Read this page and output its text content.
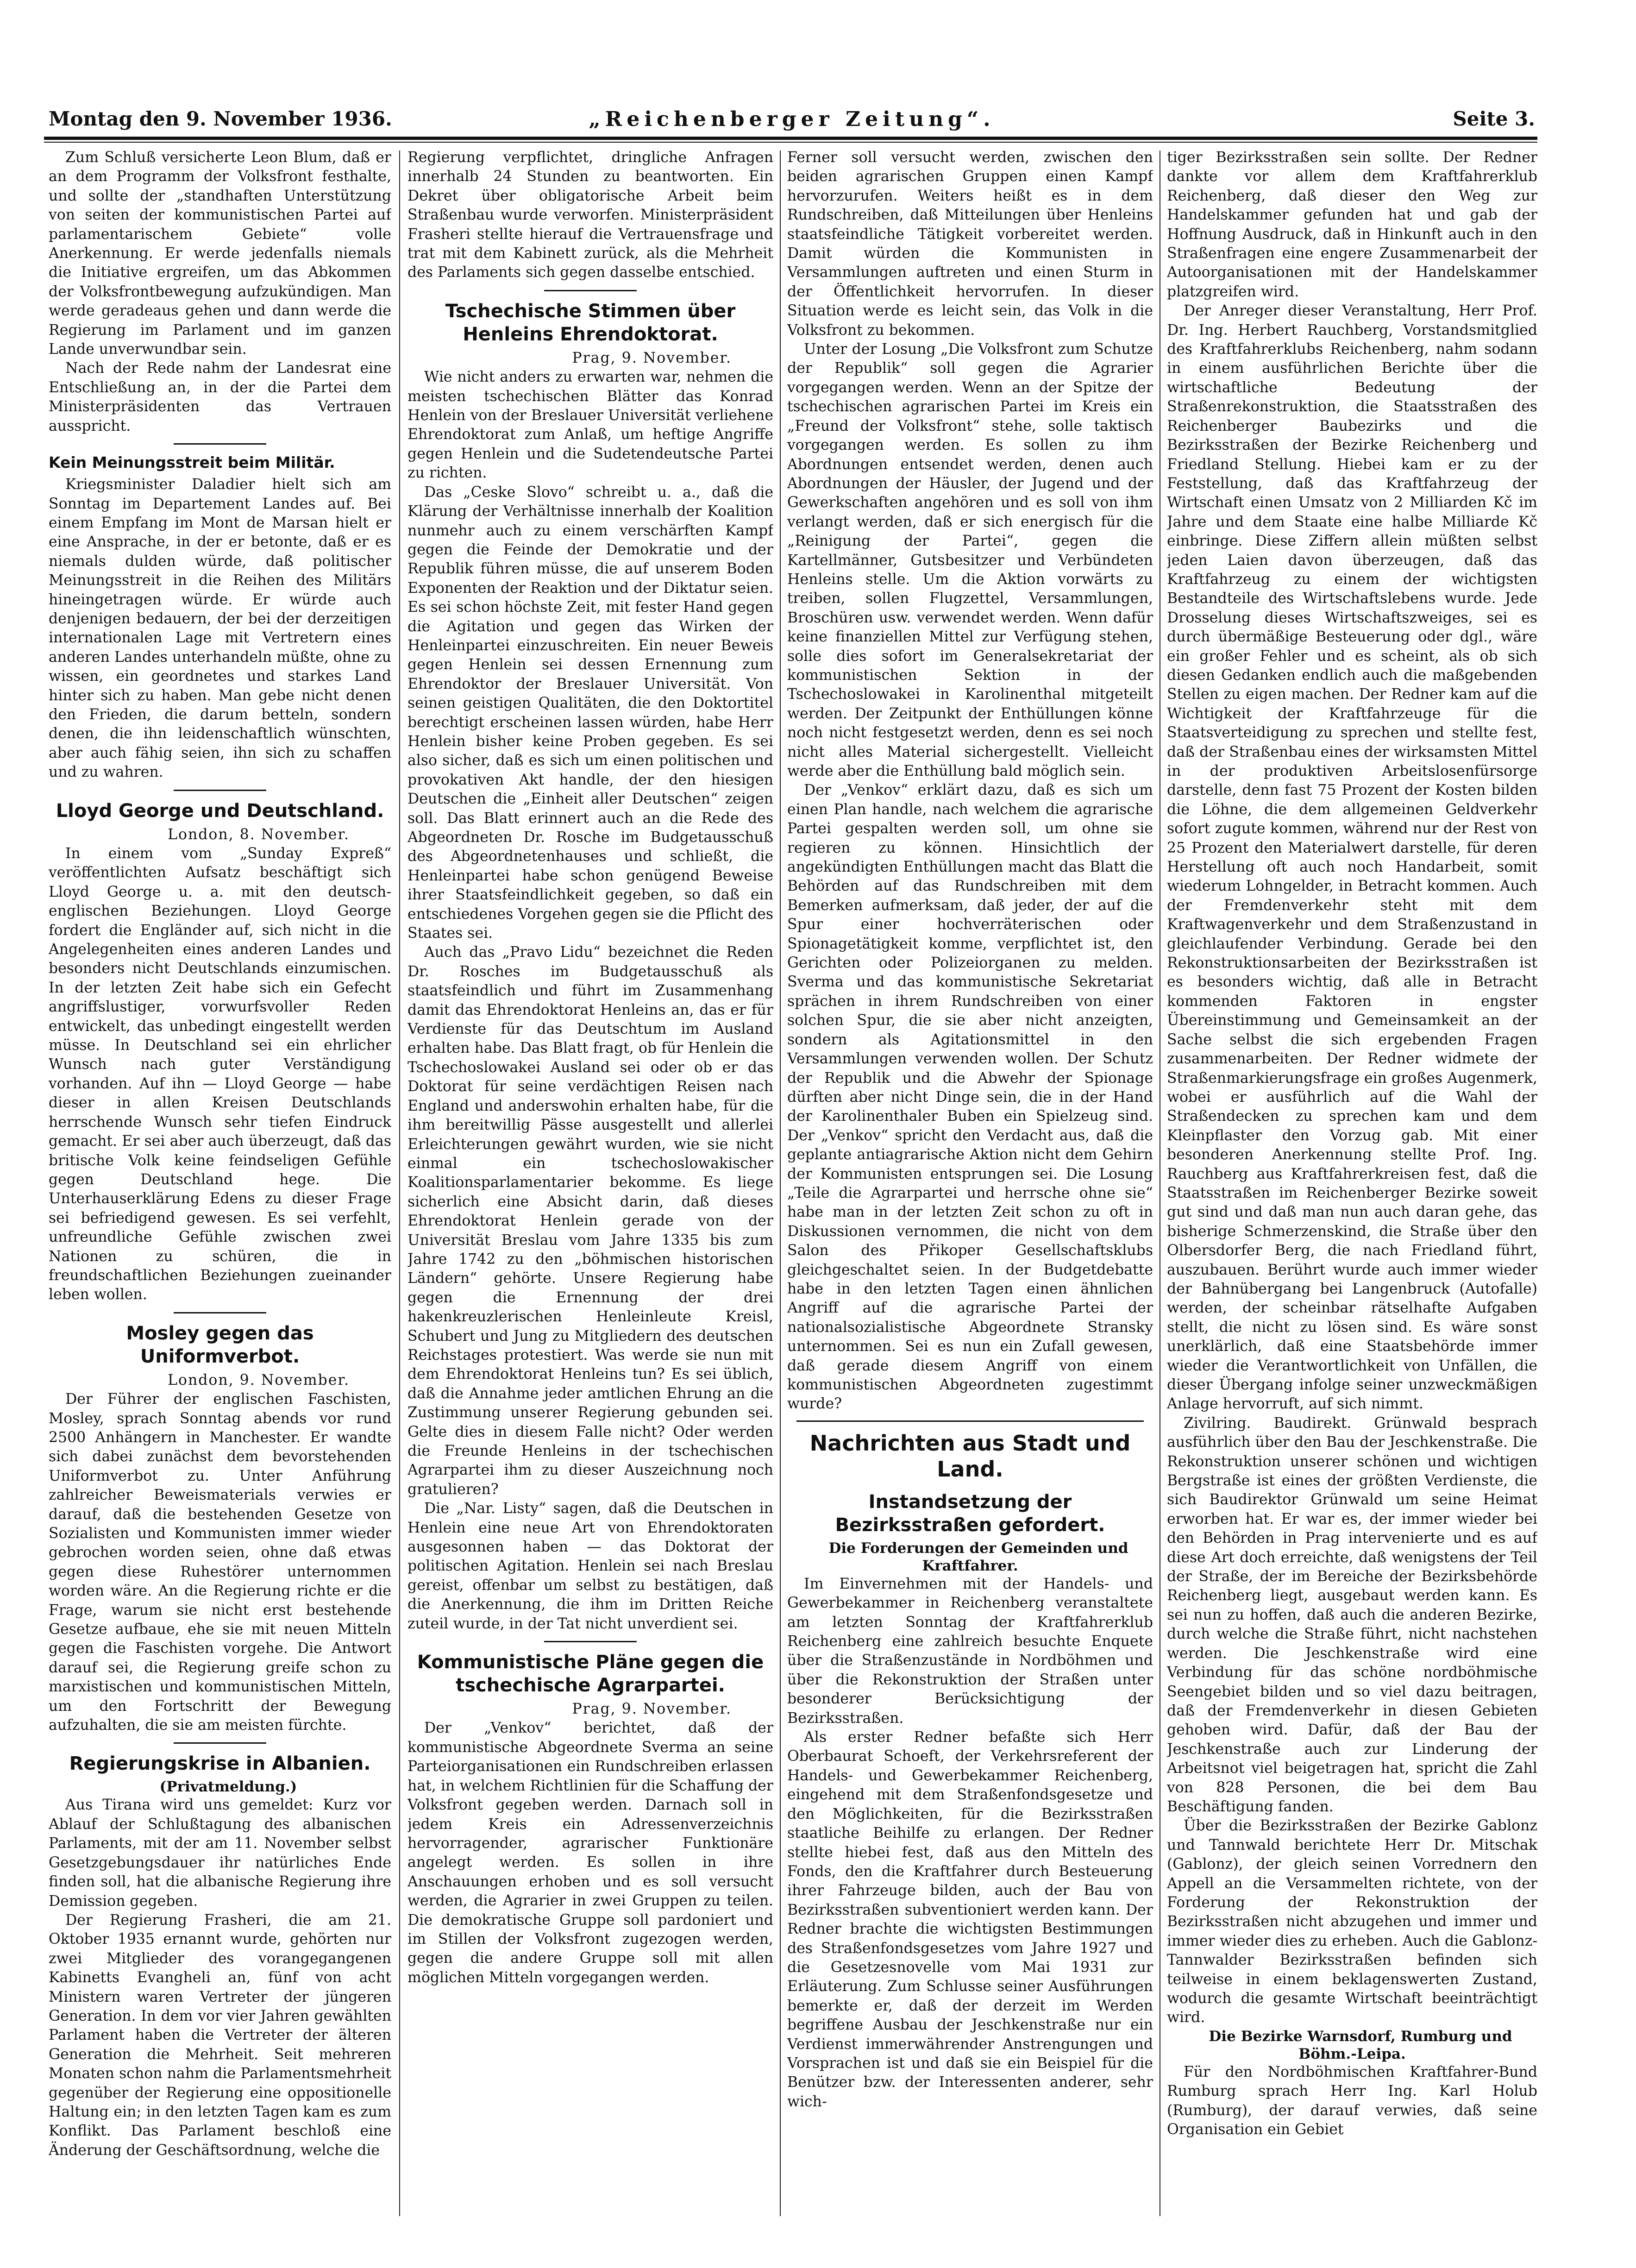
Montag den 9. November 1936.	„Reichenberger Zeitung“.	Seite 3.

Zum Schluß versicherte Leon Blum, daß er an dem Programm der Volksfront festhalte, und sollte der „standhaften Unterstützung von seiten der kommunistischen Partei auf parlamentarischem Gebiete“ volle Anerkennung. Er werde jedenfalls niemals die Initiative ergreifen, um das Abkommen der Volksfrontbewegung aufzukündigen. Man werde geradeaus gehen und dann werde die Regierung im Parlament und im ganzen Lande unverwundbar sein.

Nach der Rede nahm der Landesrat eine Entschließung an, in der die Partei dem Ministerpräsidenten das Vertrauen ausspricht.

Kein Meinungsstreit beim Militär.

Kriegsminister Daladier hielt sich am Sonntag im Departement Landes auf. Bei einem Empfang im Mont de Marsan hielt er eine Ansprache, in der er betonte, daß er es niemals dulden würde, daß politischer Meinungsstreit in die Reihen des Militärs hineingetragen würde. Er würde auch denjenigen bedauern, der bei der derzeitigen internationalen Lage mit Vertretern eines anderen Landes unterhandeln müßte, ohne zu wissen, ein geordnetes und starkes Land hinter sich zu haben. Man gebe nicht denen den Frieden, die darum betteln, sondern denen, die ihn leidenschaftlich wünschten, aber auch fähig seien, ihn sich zu schaffen und zu wahren.

Lloyd George und Deutschland.

London, 8. November.

In einem vom „Sunday Expreß“ veröffentlichten Aufsatz beschäftigt sich Lloyd George u. a. mit den deutsch-englischen Beziehungen. Lloyd George fordert die Engländer auf, sich nicht in die Angelegenheiten eines anderen Landes und besonders nicht Deutschlands einzumischen. In der letzten Zeit habe sich ein Gefecht angriffslustiger, vorwurfsvoller Reden entwickelt, das unbedingt eingestellt werden müsse. In Deutschland sei ein ehrlicher Wunsch nach guter Verständigung vorhanden. Auf ihn — Lloyd George — habe dieser in allen Kreisen Deutschlands herrschende Wunsch sehr tiefen Eindruck gemacht. Er sei aber auch überzeugt, daß das britische Volk keine feindseligen Gefühle gegen Deutschland hege. Die Unterhauserklärung Edens zu dieser Frage sei befriedigend gewesen. Es sei verfehlt, unfreundliche Gefühle zwischen zwei Nationen zu schüren, die in freundschaftlichen Beziehungen zueinander leben wollen.

Mosley gegen das Uniformverbot.

London, 9. November.

Der Führer der englischen Faschisten, Mosley, sprach Sonntag abends vor rund 2500 Anhängern in Manchester. Er wandte sich dabei zunächst dem bevorstehenden Uniformverbot zu. Unter Anführung zahlreicher Beweismaterials verwies er darauf, daß die bestehenden Gesetze von Sozialisten und Kommunisten immer wieder gebrochen worden seien, ohne daß etwas gegen diese Ruhestörer unternommen worden wäre. An die Regierung richte er die Frage, warum sie nicht erst bestehende Gesetze aufbaue, ehe sie mit neuen Mitteln gegen die Faschisten vorgehe. Die Antwort darauf sei, die Regierung greife schon zu marxistischen und kommunistischen Mitteln, um den Fortschritt der Bewegung aufzuhalten, die sie am meisten fürchte.

Regierungskrise in Albanien.

(Privatmeldung.)

Aus Tirana wird uns gemeldet: Kurz vor Ablauf der Schlußtagung des albanischen Parlaments, mit der am 11. November selbst Gesetzgebungsdauer ihr natürliches Ende finden soll, hat die albanische Regierung ihre Demission gegeben.

Der Regierung Frasheri, die am 21. Oktober 1935 ernannt wurde, gehörten nur zwei Mitglieder des vorangegangenen Kabinetts Evangheli an, fünf von acht Ministern waren Vertreter der jüngeren Generation. In dem vor vier Jahren gewählten Parlament haben die Vertreter der älteren Generation die Mehrheit. Seit mehreren Monaten schon nahm die Parlamentsmehrheit gegenüber der Regierung eine oppositionelle Haltung ein; in den letzten Tagen kam es zum Konflikt. Das Parlament beschloß eine Änderung der Geschäftsordnung, welche die

Regierung verpflichtet, dringliche Anfragen innerhalb 24 Stunden zu beantworten. Ein Dekret über obligatorische Arbeit beim Straßenbau wurde verworfen. Ministerpräsident Frasheri stellte hierauf die Vertrauensfrage und trat mit dem Kabinett zurück, als die Mehrheit des Parlaments sich gegen dasselbe entschied.

Tschechische Stimmen über Henleins Ehrendoktorat.

Prag, 9. November.

Wie nicht anders zu erwarten war, nehmen die meisten tschechischen Blätter das Konrad Henlein von der Breslauer Universität verliehene Ehrendoktorat zum Anlaß, um heftige Angriffe gegen Henlein und die Sudetendeutsche Partei zu richten.

Das „Ceske Slovo“ schreibt u. a., daß die Klärung der Verhältnisse innerhalb der Koalition nunmehr auch zu einem verschärften Kampf gegen die Feinde der Demokratie und der Republik führen müsse, die auf unserem Boden Exponenten der Reaktion und der Diktatur seien. Es sei schon höchste Zeit, mit fester Hand gegen die Agitation und gegen das Wirken der Henleinpartei einzuschreiten. Ein neuer Beweis gegen Henlein sei dessen Ernennung zum Ehrendoktor der Breslauer Universität. Von seinen geistigen Qualitäten, die den Doktortitel berechtigt erscheinen lassen würden, habe Herr Henlein bisher keine Proben gegeben. Es sei also sicher, daß es sich um einen politischen und provokativen Akt handle, der den hiesigen Deutschen die „Einheit aller Deutschen“ zeigen soll. Das Blatt erinnert auch an die Rede des Abgeordneten Dr. Rosche im Budgetausschuß des Abgeordnetenhauses und schließt, die Henleinpartei habe schon genügend Beweise ihrer Staatsfeindlichkeit gegeben, so daß ein entschiedenes Vorgehen gegen sie die Pflicht des Staates sei.

Auch das „Pravo Lidu“ bezeichnet die Reden Dr. Rosches im Budgetausschuß als staatsfeindlich und führt im Zusammenhang damit das Ehrendoktorat Henleins an, das er für Verdienste für das Deutschtum im Ausland erhalten habe. Das Blatt fragt, ob für Henlein die Tschechoslowakei Ausland sei oder ob er das Doktorat für seine verdächtigen Reisen nach England und anderswohin erhalten habe, für die ihm bereitwillig Pässe ausgestellt und allerlei Erleichterungen gewährt wurden, wie sie nicht einmal ein tschechoslowakischer Koalitionsparlamentarier bekomme. Es liege sicherlich eine Absicht darin, daß dieses Ehrendoktorat Henlein gerade von der Universität Breslau vom Jahre 1335 bis zum Jahre 1742 zu den „böhmischen historischen Ländern“ gehörte. Unsere Regierung habe gegen die Ernennung der drei hakenkreuzlerischen Henleinleute Kreisl, Schubert und Jung zu Mitgliedern des deutschen Reichstages protestiert. Was werde sie nun mit dem Ehrendoktorat Henleins tun? Es sei üblich, daß die Annahme jeder amtlichen Ehrung an die Zustimmung unserer Regierung gebunden sei. Gelte dies in diesem Falle nicht? Oder werden die Freunde Henleins in der tschechischen Agrarpartei ihm zu dieser Auszeichnung noch gratulieren?

Die „Nar. Listy“ sagen, daß die Deutschen in Henlein eine neue Art von Ehrendoktoraten ausgesonnen haben — das Doktorat der politischen Agitation. Henlein sei nach Breslau gereist, offenbar um selbst zu bestätigen, daß die Anerkennung, die ihm im Dritten Reiche zuteil wurde, in der Tat nicht unverdient sei.

Kommunistische Pläne gegen die tschechische Agrarpartei.

Prag, 9. November.

Der „Venkov“ berichtet, daß der kommunistische Abgeordnete Sverma an seine Parteiorganisationen ein Rundschreiben erlassen hat, in welchem Richtlinien für die Schaffung der Volksfront gegeben werden. Darnach soll in jedem Kreis ein Adressenverzeichnis hervorragender, agrarischer Funktionäre angelegt werden. Es sollen in ihre Anschauungen erhoben und es soll versucht werden, die Agrarier in zwei Gruppen zu teilen. Die demokratische Gruppe soll pardoniert und im Stillen der Volksfront zugezogen werden, gegen die andere Gruppe soll mit allen möglichen Mitteln vorgegangen werden.

Ferner soll versucht werden, zwischen den beiden agrarischen Gruppen einen Kampf hervorzurufen. Weiters heißt es in dem Rundschreiben, daß Mitteilungen über Henleins staatsfeindliche Tätigkeit vorbereitet werden. Damit würden die Kommunisten in Versammlungen auftreten und einen Sturm in der Öffentlichkeit hervorrufen. In dieser Situation werde es leicht sein, das Volk in die Volksfront zu bekommen.

Unter der Losung „Die Volksfront zum Schutze der Republik“ soll gegen die Agrarier vorgegangen werden. Wenn an der Spitze der tschechischen agrarischen Partei im Kreis ein „Freund der Volksfront“ stehe, solle taktisch vorgegangen werden. Es sollen zu ihm Abordnungen entsendet werden, denen auch Abordnungen der Häusler, der Jugend und der Gewerkschaften angehören und es soll von ihm verlangt werden, daß er sich energisch für die „Reinigung der Partei“, gegen die Kartellmänner, Gutsbesitzer und Verbündeten Henleins stelle. Um die Aktion vorwärts zu treiben, sollen Flugzettel, Versammlungen, Broschüren usw. verwendet werden. Wenn dafür keine finanziellen Mittel zur Verfügung stehen, solle dies sofort im Generalsekretariat der kommunistischen Sektion in der Tschechoslowakei in Karolinenthal mitgeteilt werden. Der Zeitpunkt der Enthüllungen könne noch nicht festgesetzt werden, denn es sei noch nicht alles Material sichergestellt. Vielleicht werde aber die Enthüllung bald möglich sein.

Der „Venkov“ erklärt dazu, daß es sich um einen Plan handle, nach welchem die agrarische Partei gespalten werden soll, um ohne sie regieren zu können. Hinsichtlich der angekündigten Enthüllungen macht das Blatt die Behörden auf das Rundschreiben mit dem Bemerken aufmerksam, daß jeder, der auf die Spur einer hochverräterischen oder Spionagetätigkeit komme, verpflichtet ist, den Gerichten oder Polizeiorganen zu melden. Sverma und das kommunistische Sekretariat sprächen in ihrem Rundschreiben von einer solchen Spur, die sie aber nicht anzeigten, sondern als Agitationsmittel in den Versammlungen verwenden wollen. Der Schutz der Republik und die Abwehr der Spionage dürften aber nicht Dinge sein, die in der Hand der Karolinenthaler Buben ein Spielzeug sind. Der „Venkov“ spricht den Verdacht aus, daß die geplante antiagrarische Aktion nicht dem Gehirn der Kommunisten entsprungen sei. Die Losung „Teile die Agrarpartei und herrsche ohne sie“ habe man in der letzten Zeit schon zu oft in Diskussionen vernommen, die nicht von dem Salon des Přikoper Gesellschaftsklubs gleichgeschaltet seien. In der Budgetdebatte habe in den letzten Tagen einen ähnlichen Angriff auf die agrarische Partei der nationalsozialistische Abgeordnete Stransky unternommen. Sei es nun ein Zufall gewesen, daß gerade diesem Angriff von einem kommunistischen Abgeordneten zugestimmt wurde?

Nachrichten aus Stadt und Land.
Instandsetzung der Bezirksstraßen gefordert.

Die Forderungen der Gemeinden und Kraftfahrer.

Im Einvernehmen mit der Handels- und Gewerbekammer in Reichenberg veranstaltete am letzten Sonntag der Kraftfahrerklub Reichenberg eine zahlreich besuchte Enquete über die Straßenzustände in Nordböhmen und über die Rekonstruktion der Straßen unter besonderer Berücksichtigung der Bezirksstraßen.

Als erster Redner befaßte sich Herr Oberbaurat Schoeft, der Verkehrsreferent der Handels- und Gewerbekammer Reichenberg, eingehend mit dem Straßenfondsgesetze und den Möglichkeiten, für die Bezirksstraßen staatliche Beihilfe zu erlangen. Der Redner stellte hiebei fest, daß aus den Mitteln des Fonds, den die Kraftfahrer durch Besteuerung ihrer Fahrzeuge bilden, auch der Bau von Bezirksstraßen subventioniert werden kann. Der Redner brachte die wichtigsten Bestimmungen des Straßenfondsgesetzes vom Jahre 1927 und die Gesetzesnovelle vom Mai 1931 zur Erläuterung. Zum Schlusse seiner Ausführungen bemerkte er, daß der derzeit im Werden begriffene Ausbau der Jeschkenstraße nur ein Verdienst immerwährender Anstrengungen und Vorsprachen ist und daß sie ein Beispiel für die Benützer bzw. der Interessenten anderer, sehr wich-

tiger Bezirksstraßen sein sollte. Der Redner dankte vor allem dem Kraftfahrerklub Reichenberg, daß dieser den Weg zur Handelskammer gefunden hat und gab der Hoffnung Ausdruck, daß in Hinkunft auch in den Straßenfragen eine engere Zusammenarbeit der Autoorganisationen mit der Handelskammer platzgreifen wird.

Der Anreger dieser Veranstaltung, Herr Prof. Dr. Ing. Herbert Rauchberg, Vorstandsmitglied des Kraftfahrerklubs Reichenberg, nahm sodann in einem ausführlichen Berichte über die wirtschaftliche Bedeutung der Straßenrekonstruktion, die Staatsstraßen des Reichenberger Baubezirks und die Bezirksstraßen der Bezirke Reichenberg und Friedland Stellung. Hiebei kam er zu der Feststellung, daß das Kraftfahrzeug der Wirtschaft einen Umsatz von 2 Milliarden Kč im Jahre und dem Staate eine halbe Milliarde Kč einbringe. Diese Ziffern allein müßten selbst jeden Laien davon überzeugen, daß das Kraftfahrzeug zu einem der wichtigsten Bestandteile des Wirtschaftslebens wurde. Jede Drosselung dieses Wirtschaftszweiges, sei es durch übermäßige Besteuerung oder dgl., wäre ein großer Fehler und es scheint, als ob sich diesen Gedanken endlich auch die maßgebenden Stellen zu eigen machen. Der Redner kam auf die Wichtigkeit der Kraftfahrzeuge für die Staatsverteidigung zu sprechen und stellte fest, daß der Straßenbau eines der wirksamsten Mittel in der produktiven Arbeitslosenfürsorge darstelle, denn fast 75 Prozent der Kosten bilden die Löhne, die dem allgemeinen Geldverkehr sofort zugute kommen, während nur der Rest von 25 Prozent den Materialwert darstelle, für deren Herstellung oft auch noch Handarbeit, somit wiederum Lohngelder, in Betracht kommen. Auch der Fremdenverkehr steht mit dem Kraftwagenverkehr und dem Straßenzustand in gleichlaufender Verbindung. Gerade bei den Rekonstruktionsarbeiten der Bezirksstraßen ist es besonders wichtig, daß alle in Betracht kommenden Faktoren in engster Übereinstimmung und Gemeinsamkeit an der Sache selbst die sich ergebenden Fragen zusammenarbeiten. Der Redner widmete der Straßenmarkierungsfrage ein großes Augenmerk, wobei er ausführlich auf die Wahl der Straßendecken zu sprechen kam und dem Kleinpflaster den Vorzug gab. Mit einer besonderen Anerkennung stellte Prof. Ing. Rauchberg aus Kraftfahrerkreisen fest, daß die Staatsstraßen im Reichenberger Bezirke soweit gut sind und daß man nun auch daran gehe, das bisherige Schmerzenskind, die Straße über den Olbersdorfer Berg, die nach Friedland führt, auszubauen. Berührt wurde auch immer wieder der Bahnübergang bei Langenbruck (Autofalle) werden, der scheinbar rätselhafte Aufgaben stellt, die nicht zu lösen sind. Es wäre sonst unerklärlich, daß eine Staatsbehörde immer wieder die Verantwortlichkeit von Unfällen, die dieser Übergang infolge seiner unzweckmäßigen Anlage hervorruft, auf sich nimmt.

Zivilring. Baudirekt. Grünwald besprach ausführlich über den Bau der Jeschkenstraße. Die Rekonstruktion unserer schönen und wichtigen Bergstraße ist eines der größten Verdienste, die sich Baudirektor Grünwald um seine Heimat erworben hat. Er war es, der immer wieder bei den Behörden in Prag intervenierte und es auf diese Art doch erreichte, daß wenigstens der Teil der Straße, der im Bereiche der Bezirksbehörde Reichenberg liegt, ausgebaut werden kann. Es sei nun zu hoffen, daß auch die anderen Bezirke, durch welche die Straße führt, nicht nachstehen werden. Die Jeschkenstraße wird eine Verbindung für das schöne nordböhmische Seengebiet bilden und so viel dazu beitragen, daß der Fremdenverkehr in diesen Gebieten gehoben wird. Dafür, daß der Bau der Jeschkenstraße auch zur Linderung der Arbeitsnot viel beigetragen hat, spricht die Zahl von 828 Personen, die bei dem Bau Beschäftigung fanden.

Über die Bezirksstraßen der Bezirke Gablonz und Tannwald berichtete Herr Dr. Mitschak (Gablonz), der gleich seinen Vorrednern den Appell an die Versammelten richtete, von der Forderung der Rekonstruktion der Bezirksstraßen nicht abzugehen und immer und immer wieder dies zu erheben. Auch die Gablonz-Tannwalder Bezirksstraßen befinden sich teilweise in einem beklagenswerten Zustand, wodurch die gesamte Wirtschaft beeinträchtigt wird.

Die Bezirke Warnsdorf, Rumburg und Böhm.-Leipa.

Für den Nordböhmischen Kraftfahrer-Bund Rumburg sprach Herr Ing. Karl Holub (Rumburg), der darauf verwies, daß seine Organisation ein Gebiet
